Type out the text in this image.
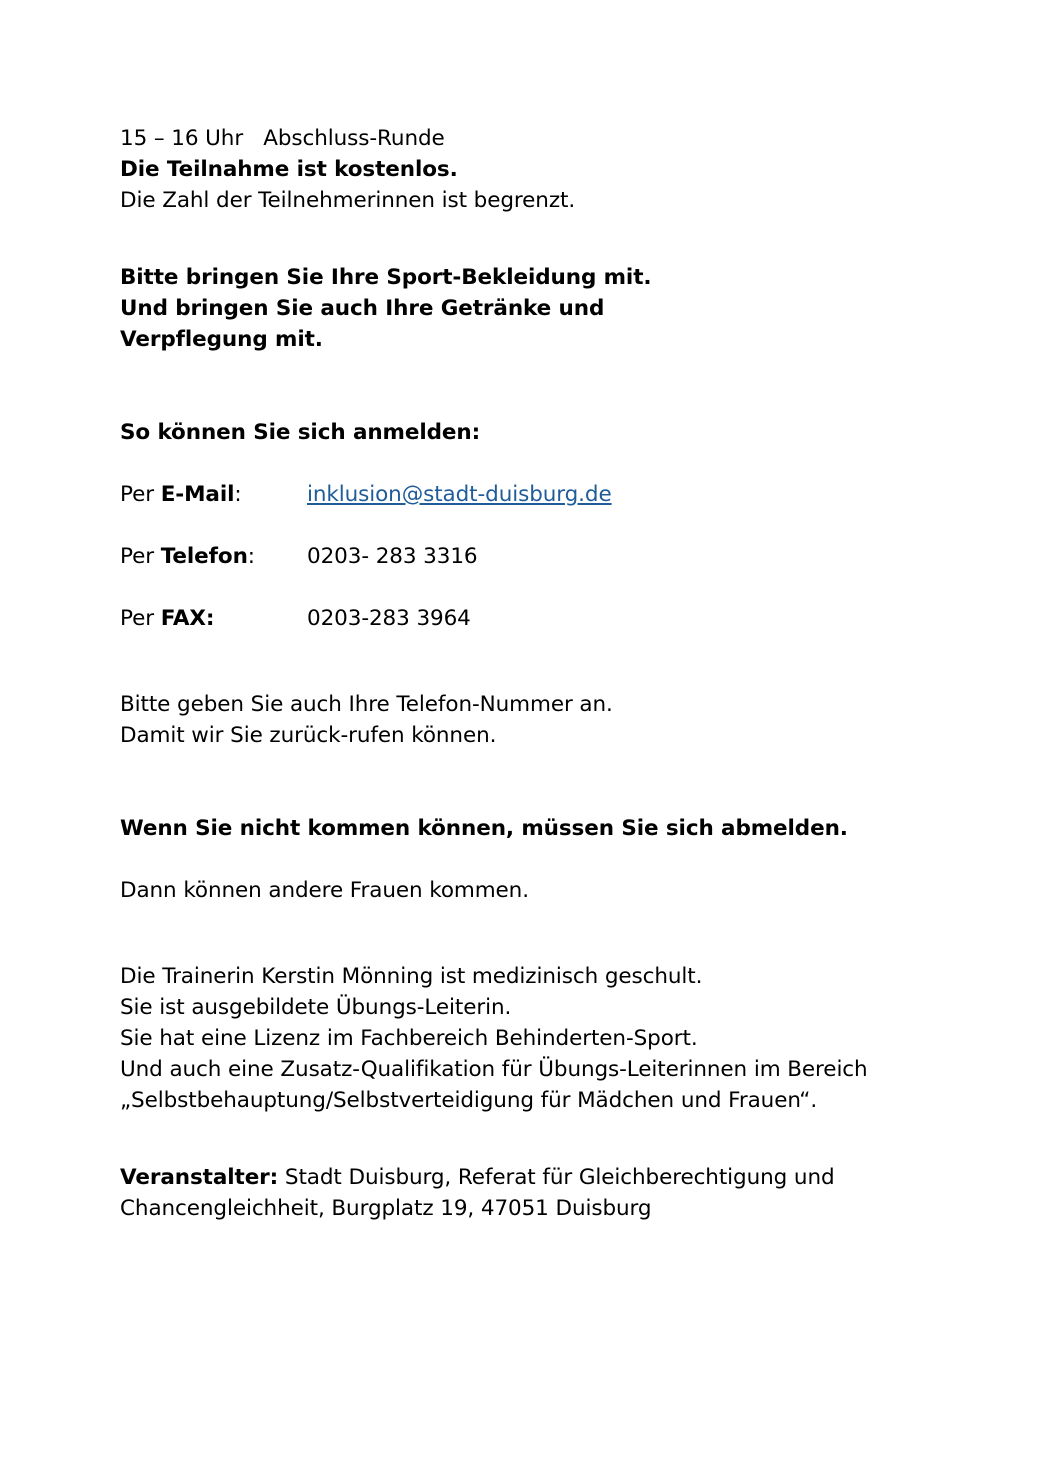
15 – 16 Uhr   Abschluss-Runde
Die Teilnahme ist kostenlos.
Die Zahl der Teilnehmerinnen ist begrenzt.
Bitte bringen Sie Ihre Sport-Bekleidung mit.
Und bringen Sie auch Ihre Getränke und
Verpflegung mit.
So können Sie sich anmelden:
Per E-Mail:	inklusion@stadt-duisburg.de
Per Telefon:	0203- 283 3316
Per FAX:	0203-283 3964
Bitte geben Sie auch Ihre Telefon-Nummer an.
Damit wir Sie zurück-rufen können.
Wenn Sie nicht kommen können, müssen Sie sich abmelden.
Dann können andere Frauen kommen.
Die Trainerin Kerstin Mönning ist medizinisch geschult.
Sie ist ausgebildete Übungs-Leiterin.
Sie hat eine Lizenz im Fachbereich Behinderten-Sport.
Und auch eine Zusatz-Qualifikation für Übungs-Leiterinnen im Bereich
„Selbstbehauptung/Selbstverteidigung für Mädchen und Frauen“.
Veranstalter: Stadt Duisburg, Referat für Gleichberechtigung und
Chancengleichheit, Burgplatz 19, 47051 Duisburg
